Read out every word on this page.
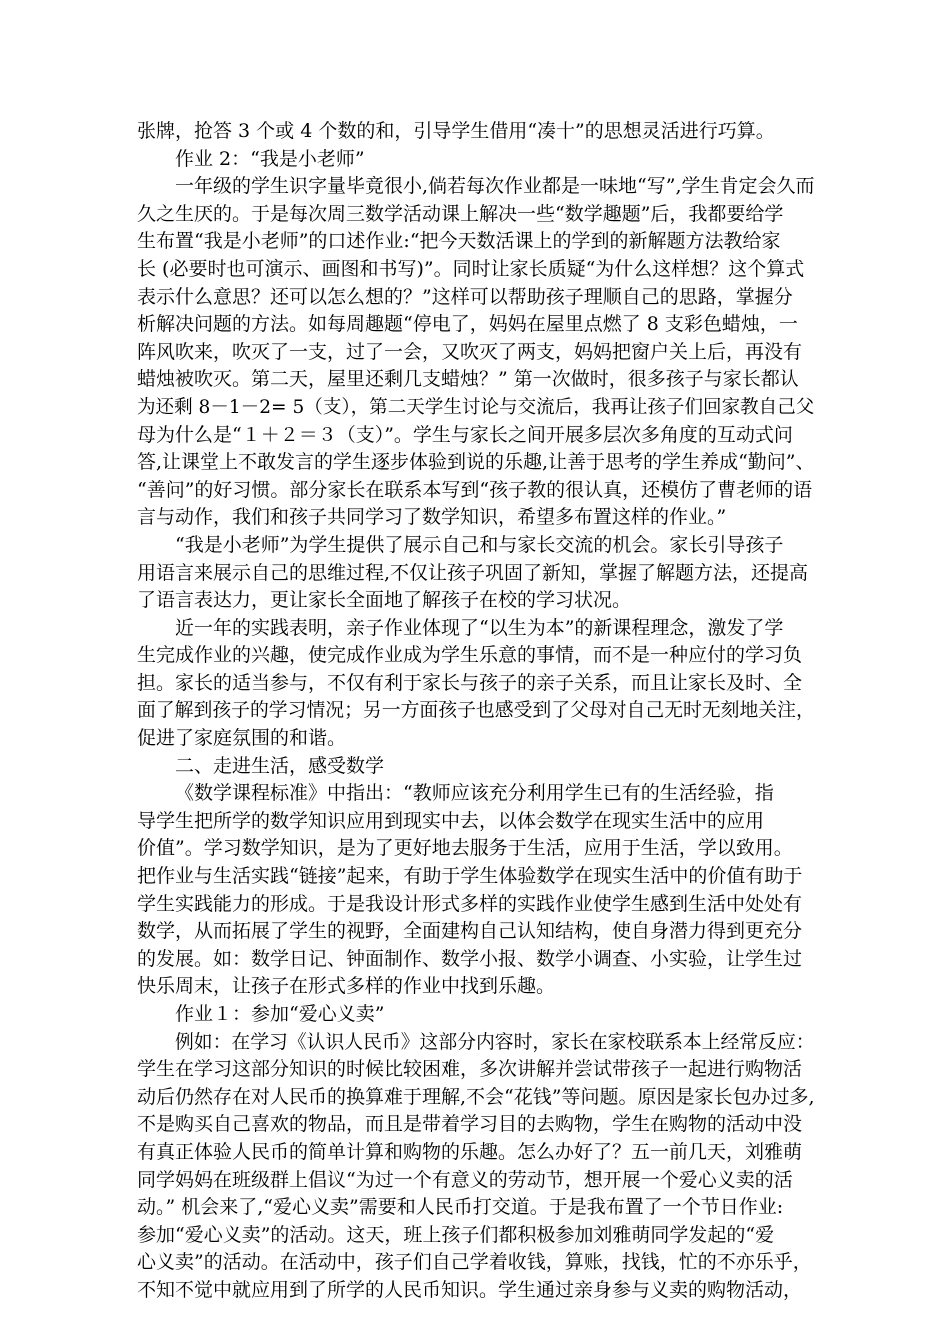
张牌，抢答 3 个或 4 个数的和，引导学生借用“凑十”的思想灵活进行巧算。
作业 2：“我是小老师”
一年级的学生识字量毕竟很小,倘若每次作业都是一味地“写”,学生肯定会久而
久之生厌的。于是每次周三数学活动课上解决一些“数学趣题”后，我都要给学
生布置“我是小老师”的口述作业:“把今天数活课上的学到的新解题方法教给家
长 (必要时也可演示、画图和书写)”。同时让家长质疑“为什么这样想？这个算式
表示什么意思？还可以怎么想的？”这样可以帮助孩子理顺自己的思路，掌握分
析解决问题的方法。如每周趣题“停电了，妈妈在屋里点燃了 8 支彩色蜡烛，一
阵风吹来，吹灭了一支，过了一会，又吹灭了两支，妈妈把窗户关上后，再没有
蜡烛被吹灭。第二天，屋里还剩几支蜡烛？” 第一次做时，很多孩子与家长都认
为还剩 8－1－2= 5（支），第二天学生讨论与交流后，我再让孩子们回家教自己父
母为什么是“１＋２＝３（支）”。学生与家长之间开展多层次多角度的互动式问
答,让课堂上不敢发言的学生逐步体验到说的乐趣,让善于思考的学生养成“勤问”、
“善问”的好习惯。部分家长在联系本写到“孩子教的很认真，还模仿了曹老师的语
言与动作，我们和孩子共同学习了数学知识，希望多布置这样的作业。”
“我是小老师”为学生提供了展示自己和与家长交流的机会。家长引导孩子
用语言来展示自己的思维过程,不仅让孩子巩固了新知，掌握了解题方法，还提高
了语言表达力，更让家长全面地了解孩子在校的学习状况。
近一年的实践表明，亲子作业体现了“以生为本”的新课程理念，激发了学
生完成作业的兴趣，使完成作业成为学生乐意的事情，而不是一种应付的学习负
担。家长的适当参与，不仅有利于家长与孩子的亲子关系，而且让家长及时、全
面了解到孩子的学习情况；另一方面孩子也感受到了父母对自己无时无刻地关注，
促进了家庭氛围的和谐。
二、走进生活，感受数学
《数学课程标准》中指出：“教师应该充分利用学生已有的生活经验，指
导学生把所学的数学知识应用到现实中去，以体会数学在现实生活中的应用
价值”。学习数学知识，是为了更好地去服务于生活，应用于生活，学以致用。
把作业与生活实践“链接”起来，有助于学生体验数学在现实生活中的价值有助于
学生实践能力的形成。于是我设计形式多样的实践作业使学生感到生活中处处有
数学，从而拓展了学生的视野，全面建构自己认知结构，使自身潜力得到更充分
的发展。如：数学日记、钟面制作、数学小报、数学小调查、小实验，让学生过
快乐周末，让孩子在形式多样的作业中找到乐趣。
作业１：参加“爱心义卖”
例如：在学习《认识人民币》这部分内容时，家长在家校联系本上经常反应：
学生在学习这部分知识的时候比较困难，多次讲解并尝试带孩子一起进行购物活
动后仍然存在对人民币的换算难于理解,不会“花钱”等问题。原因是家长包办过多,
不是购买自己喜欢的物品，而且是带着学习目的去购物，学生在购物的活动中没
有真正体验人民币的简单计算和购物的乐趣。怎么办好了？五一前几天，刘雅萌
同学妈妈在班级群上倡议“为过一个有意义的劳动节，想开展一个爱心义卖的活
动。” 机会来了,“爱心义卖”需要和人民币打交道。于是我布置了一个节日作业:
参加“爱心义卖”的活动。这天，班上孩子们都积极参加刘雅萌同学发起的“爱
心义卖”的活动。在活动中，孩子们自己学着收钱，算账，找钱，忙的不亦乐乎，
不知不觉中就应用到了所学的人民币知识。学生通过亲身参与义卖的购物活动，
